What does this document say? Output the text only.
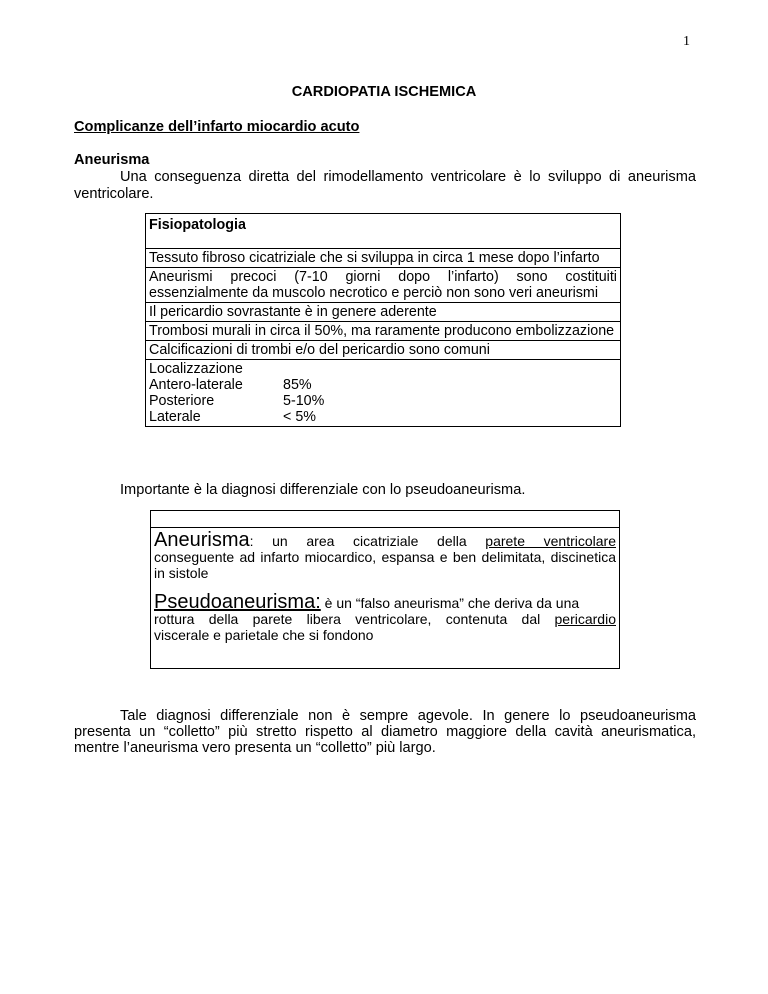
1
CARDIOPATIA ISCHEMICA
Complicanze dell’infarto miocardio acuto
Aneurisma
Una conseguenza diretta del rimodellamento ventricolare è lo sviluppo di aneurisma ventricolare.
Fisiopatologia
Tessuto fibroso cicatriziale che si sviluppa in circa 1 mese dopo l’infarto
Aneurismi precoci (7-10 giorni dopo l’infarto) sono costituiti essenzialmente da muscolo necrotico e perciò non sono veri aneurismi
Il pericardio sovrastante è in genere aderente
Trombosi murali in circa il 50%, ma raramente producono embolizzazione
Calcificazioni di trombi e/o del pericardio sono comuni

Localizzazione
Antero-laterale	85%
Posteriore	5-10%
Laterale	< 5%
Importante è la diagnosi differenziale con lo pseudoaneurisma.
Aneurisma: un area cicatriziale della parete ventricolare
conseguente ad infarto miocardico, espansa e ben delimitata, discinetica in sistole
Pseudoaneurisma: è un “falso aneurisma” che deriva da una
rottura della parete libera ventricolare, contenuta dal pericardio
viscerale e parietale che si fondono
Tale diagnosi differenziale non è sempre agevole. In genere lo pseudoaneurisma presenta un “colletto” più stretto rispetto al diametro maggiore della cavità aneurismatica, mentre l’aneurisma vero presenta un “colletto” più largo.
